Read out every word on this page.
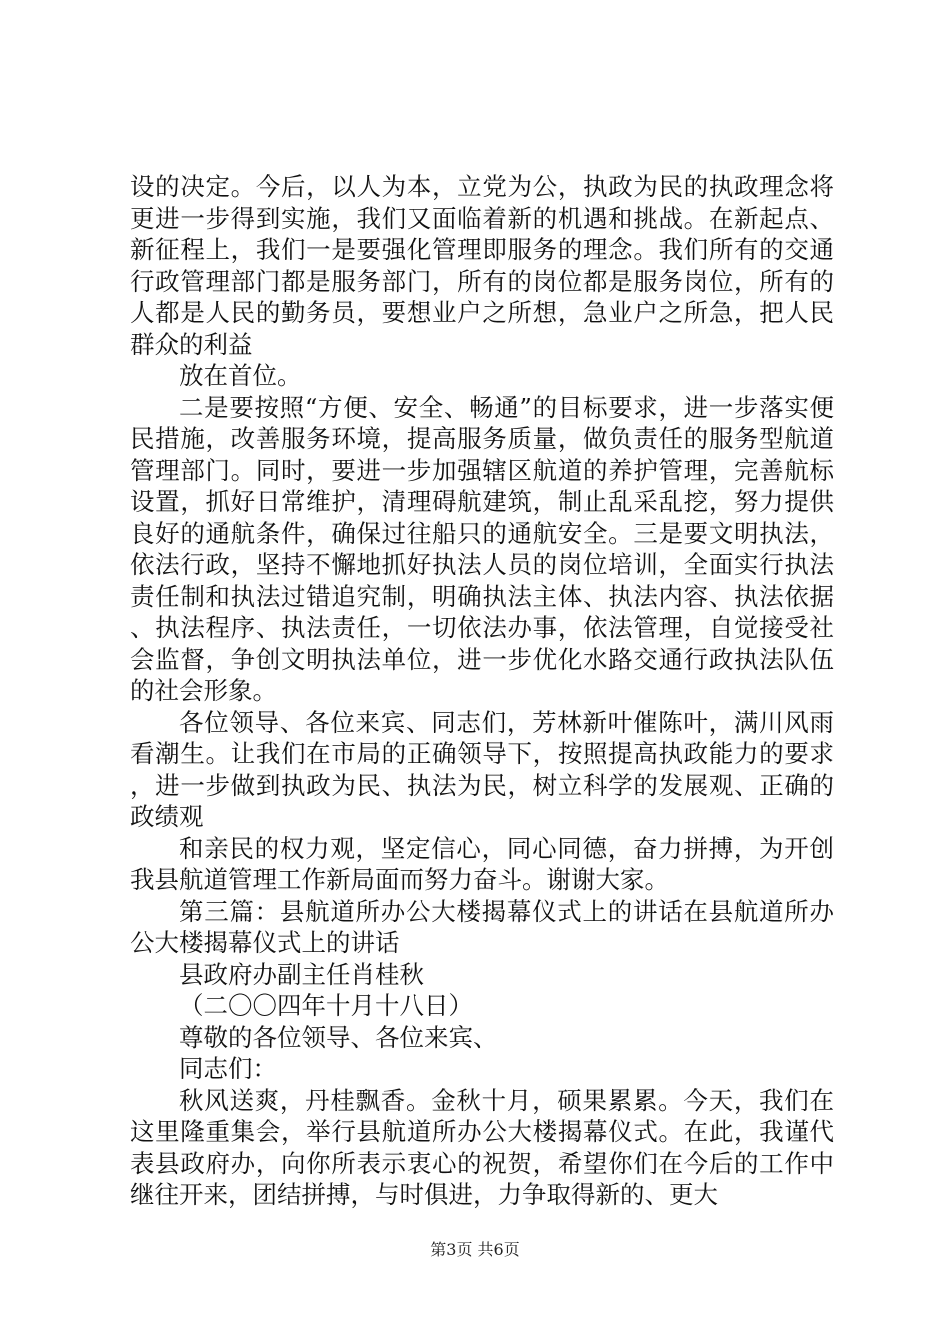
设的决定。今后，以人为本，立党为公，执政为民的执政理念将更进一步得到实施，我们又面临着新的机遇和挑战。在新起点、新征程上，我们一是要强化管理即服务的理念。我们所有的交通行政管理部门都是服务部门，所有的岗位都是服务岗位，所有的人都是人民的勤务员，要想业户之所想，急业户之所急，把人民群众的利益

放在首位。

二是要按照“方便、安全、畅通”的目标要求，进一步落实便民措施，改善服务环境，提高服务质量，做负责任的服务型航道管理部门。同时，要进一步加强辖区航道的养护管理，完善航标设置，抓好日常维护，清理碍航建筑，制止乱采乱挖，努力提供良好的通航条件，确保过往船只的通航安全。三是要文明执法，依法行政，坚持不懈地抓好执法人员的岗位培训，全面实行执法责任制和执法过错追究制，明确执法主体、执法内容、执法依据、执法程序、执法责任，一切依法办事，依法管理，自觉接受社会监督，争创文明执法单位，进一步优化水路交通行政执法队伍的社会形象。

各位领导、各位来宾、同志们，芳林新叶催陈叶，满川风雨看潮生。让我们在市局的正确领导下，按照提高执政能力的要求，进一步做到执政为民、执法为民，树立科学的发展观、正确的政绩观

和亲民的权力观，坚定信心，同心同德，奋力拼搏，为开创我县航道管理工作新局面而努力奋斗。谢谢大家。

第三篇：县航道所办公大楼揭幕仪式上的讲话在县航道所办公大楼揭幕仪式上的讲话

县政府办副主任肖桂秋

（二〇〇四年十月十八日）

尊敬的各位领导、各位来宾、

同志们：

秋风送爽，丹桂飘香。金秋十月，硕果累累。今天，我们在这里隆重集会，举行县航道所办公大楼揭幕仪式。在此，我谨代表县政府办，向你所表示衷心的祝贺，希望你们在今后的工作中继往开来，团结拼搏，与时俱进，力争取得新的、更大

第3页 共6页
